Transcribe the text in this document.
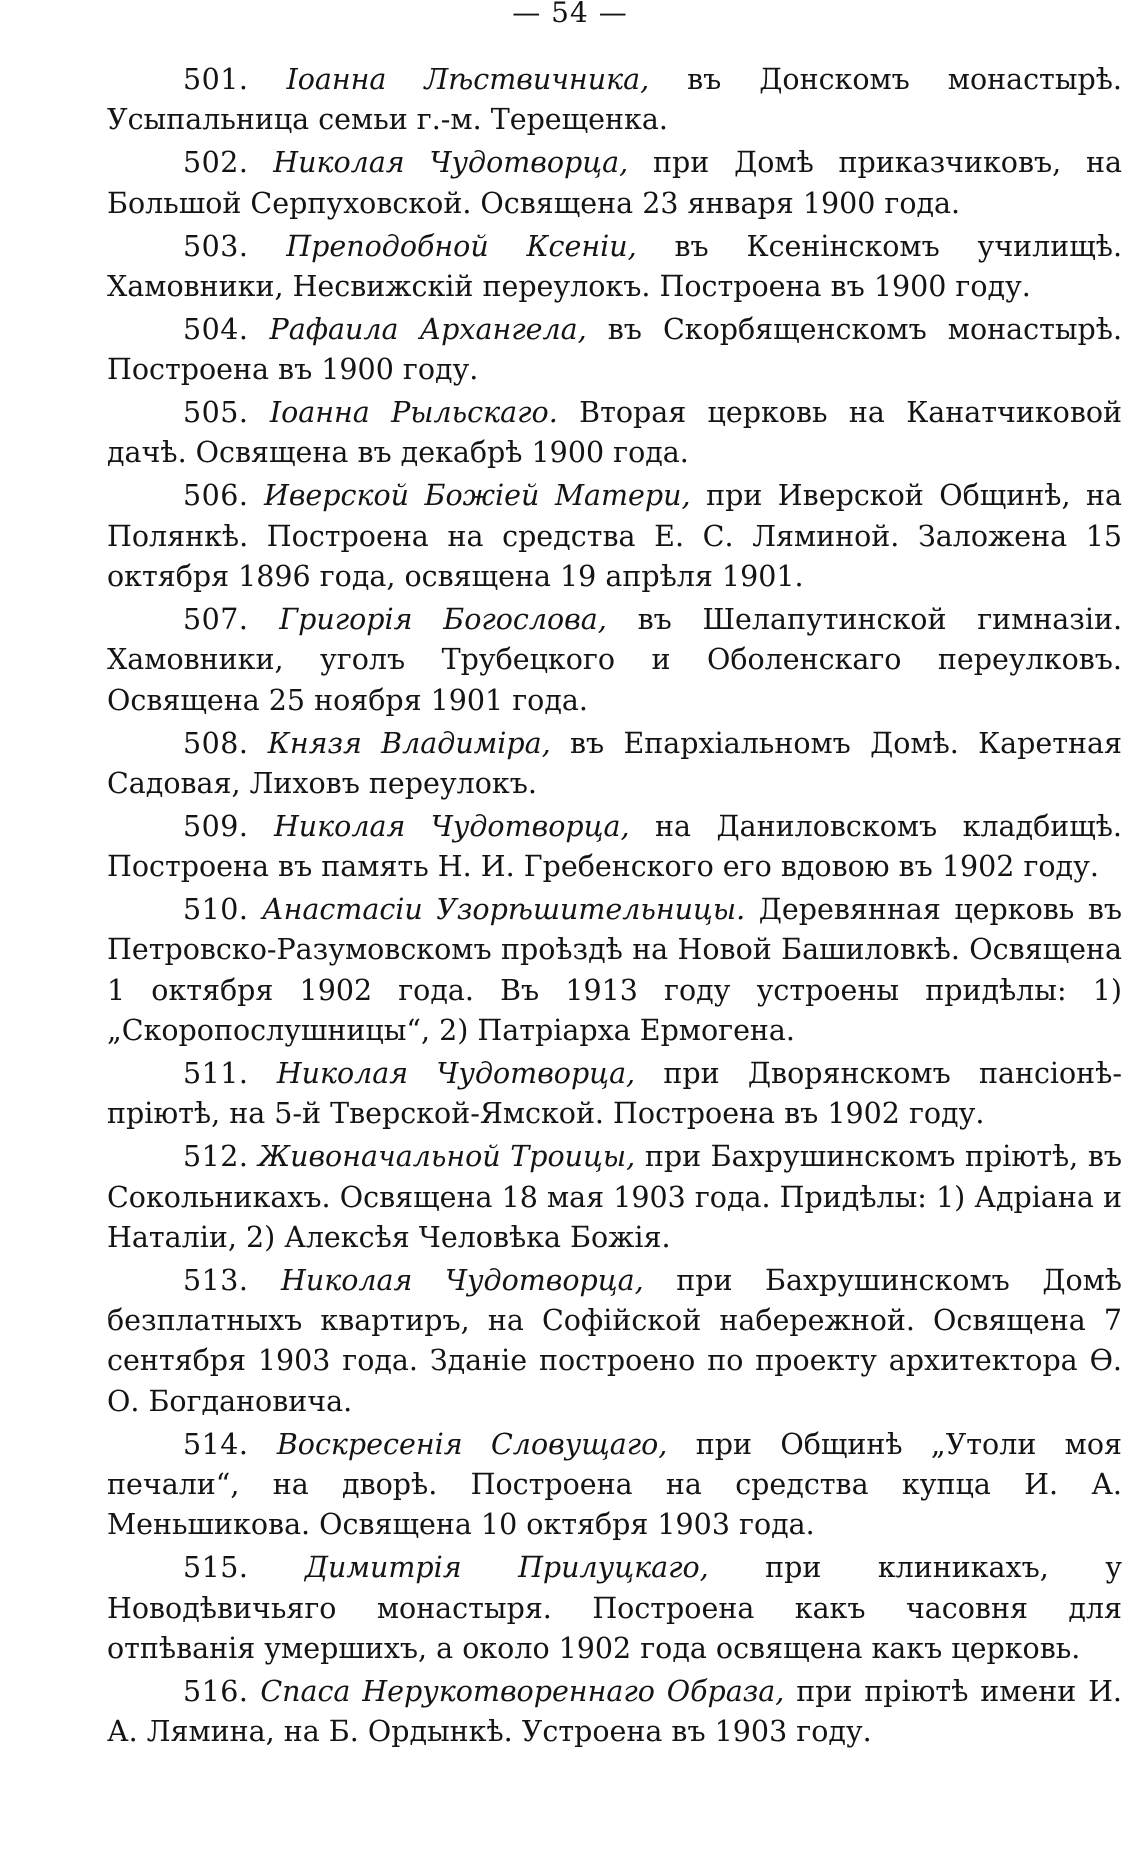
— 54 —

501. Іоанна Лѣствичника, въ Донскомъ монастырѣ. Усыпальница семьи г.-м. Терещенка.

502. Николая Чудотворца, при Домѣ приказчиковъ, на Большой Серпуховской. Освящена 23 января 1900 года.

503. Преподобной Ксеніи, въ Ксенінскомъ училищѣ. Хамовники, Несвижскій переулокъ. Построена въ 1900 году.

504. Рафаила Архангела, въ Скорбященскомъ монастырѣ. Построена въ 1900 году.

505. Іоанна Рыльскаго. Вторая церковь на Канатчиковой дачѣ. Освящена въ декабрѣ 1900 года.

506. Иверской Божіей Матери, при Иверской Общинѣ, на Полянкѣ. Построена на средства Е. С. Ляминой. Заложена 15 октября 1896 года, освящена 19 апрѣля 1901.

507. Григорія Богослова, въ Шелапутинской гимназіи. Хамовники, уголъ Трубецкого и Оболенскаго переулковъ. Освящена 25 ноября 1901 года.

508. Князя Владиміра, въ Епархіальномъ Домѣ. Каретная Садовая, Лиховъ переулокъ.

509. Николая Чудотворца, на Даниловскомъ кладбищѣ. Построена въ память Н. И. Гребенского его вдовою въ 1902 году.

510. Анастасіи Узорѣшительницы. Деревянная церковь въ Петровско-Разумовскомъ проѣздѣ на Новой Башиловкѣ. Освящена 1 октября 1902 года. Въ 1913 году устроены придѣлы: 1) „Скоропослушницы“, 2) Патріарха Ермогена.

511. Николая Чудотворца, при Дворянскомъ пансіонѣ-пріютѣ, на 5-й Тверской-Ямской. Построена въ 1902 году.

512. Живоначальной Троицы, при Бахрушинскомъ пріютѣ, въ Сокольникахъ. Освящена 18 мая 1903 года. Придѣлы: 1) Адріана и Наталіи, 2) Алексѣя Человѣка Божія.

513. Николая Чудотворца, при Бахрушинскомъ Домѣ безплатныхъ квартиръ, на Софійской набережной. Освящена 7 сентября 1903 года. Зданіе построено по проекту архитектора Ѳ. О. Богдановича.

514. Воскресенія Словущаго, при Общинѣ „Утоли моя печали“, на дворѣ. Построена на средства купца И. А. Меньшикова. Освящена 10 октября 1903 года.

515. Димитрія Прилуцкаго, при клиникахъ, у Новодѣвичьяго монастыря. Построена какъ часовня для отпѣванія умершихъ, а около 1902 года освящена какъ церковь.

516. Спаса Нерукотвореннаго Образа, при пріютѣ имени И. А. Лямина, на Б. Ордынкѣ. Устроена въ 1903 году.
